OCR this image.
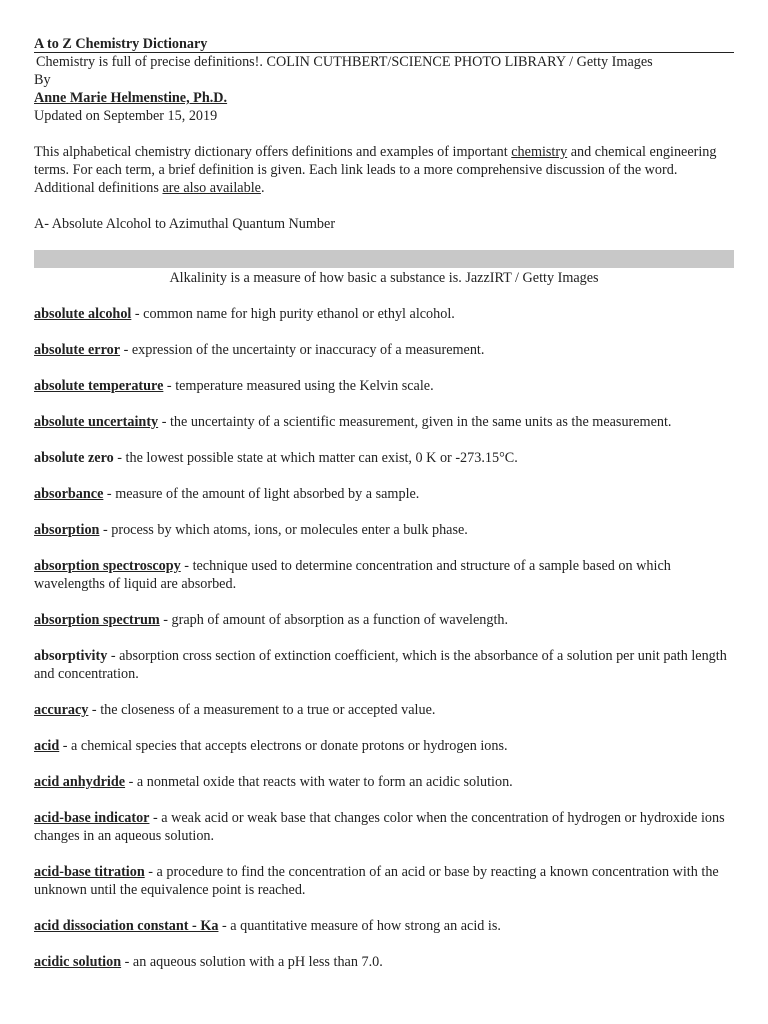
A to Z Chemistry Dictionary
Chemistry is full of precise definitions!. COLIN CUTHBERT/SCIENCE PHOTO LIBRARY / Getty Images
By
Anne Marie Helmenstine, Ph.D.
Updated on September 15, 2019

This alphabetical chemistry dictionary offers definitions and examples of important chemistry and chemical engineering terms. For each term, a brief definition is given. Each link leads to a more comprehensive discussion of the word. Additional definitions are also available.

A- Absolute Alcohol to Azimuthal Quantum Number
Alkalinity is a measure of how basic a substance is. JazzIRT / Getty Images

absolute alcohol - common name for high purity ethanol or ethyl alcohol.

absolute error - expression of the uncertainty or inaccuracy of a measurement.

absolute temperature - temperature measured using the Kelvin scale.

absolute uncertainty - the uncertainty of a scientific measurement, given in the same units as the measurement.

absolute zero - the lowest possible state at which matter can exist, 0 K or -273.15°C.

absorbance - measure of the amount of light absorbed by a sample.

absorption - process by which atoms, ions, or molecules enter a bulk phase.

absorption spectroscopy - technique used to determine concentration and structure of a sample based on which wavelengths of liquid are absorbed.

absorption spectrum - graph of amount of absorption as a function of wavelength.

absorptivity - absorption cross section of extinction coefficient, which is the absorbance of a solution per unit path length and concentration.

accuracy - the closeness of a measurement to a true or accepted value.

acid - a chemical species that accepts electrons or donate protons or hydrogen ions.

acid anhydride - a nonmetal oxide that reacts with water to form an acidic solution.

acid-base indicator - a weak acid or weak base that changes color when the concentration of hydrogen or hydroxide ions changes in an aqueous solution.

acid-base titration - a procedure to find the concentration of an acid or base by reacting a known concentration with the unknown until the equivalence point is reached.

acid dissociation constant - Ka - a quantitative measure of how strong an acid is.

acidic solution - an aqueous solution with a pH less than 7.0.
